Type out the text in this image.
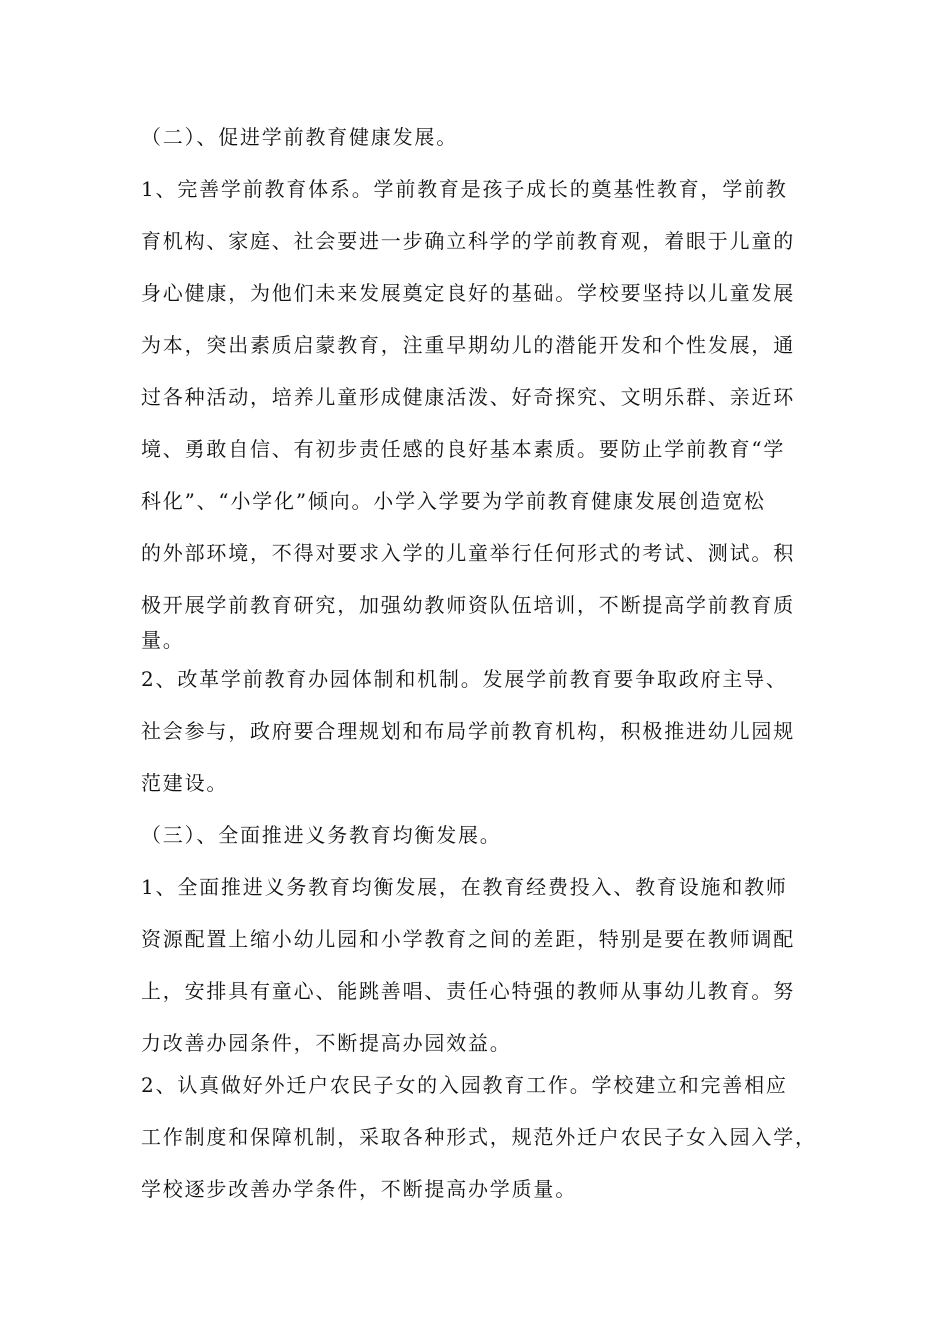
（二）、促进学前教育健康发展。
1、完善学前教育体系。学前教育是孩子成长的奠基性教育，学前教
育机构、家庭、社会要进一步确立科学的学前教育观，着眼于儿童的
身心健康，为他们未来发展奠定良好的基础。学校要坚持以儿童发展
为本，突出素质启蒙教育，注重早期幼儿的潜能开发和个性发展，通
过各种活动，培养儿童形成健康活泼、好奇探究、文明乐群、亲近环
境、勇敢自信、有初步责任感的良好基本素质。要防止学前教育“学
科化”、“小学化”倾向。小学入学要为学前教育健康发展创造宽松
的外部环境，不得对要求入学的儿童举行任何形式的考试、测试。积
极开展学前教育研究，加强幼教师资队伍培训，不断提高学前教育质
量。
2、改革学前教育办园体制和机制。发展学前教育要争取政府主导、
社会参与，政府要合理规划和布局学前教育机构，积极推进幼儿园规
范建设。
（三）、全面推进义务教育均衡发展。
1、全面推进义务教育均衡发展，在教育经费投入、教育设施和教师
资源配置上缩小幼儿园和小学教育之间的差距，特别是要在教师调配
上，安排具有童心、能跳善唱、责任心特强的教师从事幼儿教育。努
力改善办园条件，不断提高办园效益。
2、认真做好外迁户农民子女的入园教育工作。学校建立和完善相应
工作制度和保障机制，采取各种形式，规范外迁户农民子女入园入学，
学校逐步改善办学条件，不断提高办学质量。
